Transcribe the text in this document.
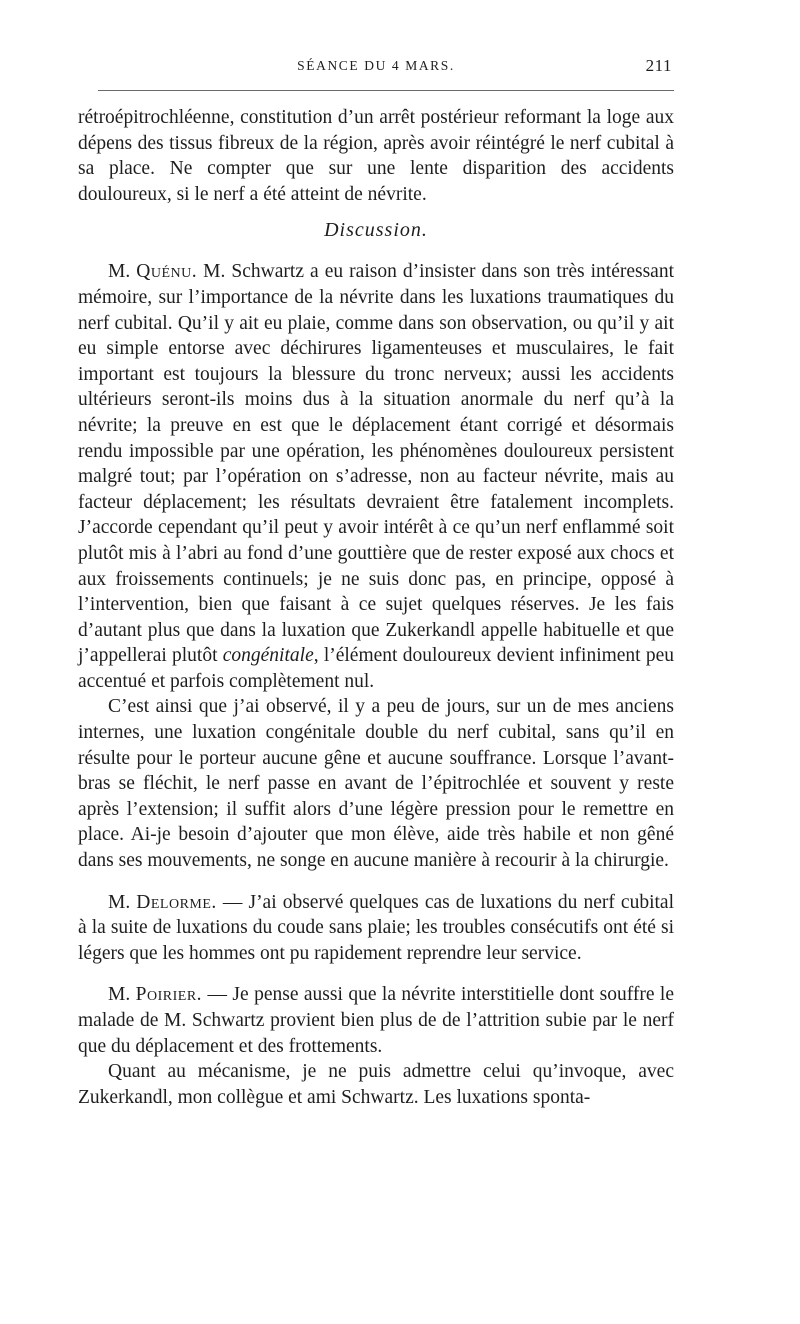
SÉANCE DU 4 MARS.	211

rétroépitrochléenne, constitution d’un arrêt postérieur reformant la loge aux dépens des tissus fibreux de la région, après avoir réintégré le nerf cubital à sa place. Ne compter que sur une lente disparition des accidents douloureux, si le nerf a été atteint de névrite.

Discussion.

M. Quénu. M. Schwartz a eu raison d’insister dans son très intéressant mémoire, sur l’importance de la névrite dans les luxations traumatiques du nerf cubital. Qu’il y ait eu plaie, comme dans son observation, ou qu’il y ait eu simple entorse avec déchirures ligamenteuses et musculaires, le fait important est toujours la blessure du tronc nerveux; aussi les accidents ultérieurs seront-ils moins dus à la situation anormale du nerf qu’à la névrite; la preuve en est que le déplacement étant corrigé et désormais rendu impossible par une opération, les phénomènes douloureux persistent malgré tout; par l’opération on s’adresse, non au facteur névrite, mais au facteur déplacement; les résultats devraient être fatalement incomplets. J’accorde cependant qu’il peut y avoir intérêt à ce qu’un nerf enflammé soit plutôt mis à l’abri au fond d’une gouttière que de rester exposé aux chocs et aux froissements continuels; je ne suis donc pas, en principe, opposé à l’intervention, bien que faisant à ce sujet quelques réserves. Je les fais d’autant plus que dans la luxation que Zukerkandl appelle habituelle et que j’appellerai plutôt congénitale, l’élément douloureux devient infiniment peu accentué et parfois complètement nul.

C’est ainsi que j’ai observé, il y a peu de jours, sur un de mes anciens internes, une luxation congénitale double du nerf cubital, sans qu’il en résulte pour le porteur aucune gêne et aucune souffrance. Lorsque l’avant-bras se fléchit, le nerf passe en avant de l’épitrochlée et souvent y reste après l’extension; il suffit alors d’une légère pression pour le remettre en place. Ai-je besoin d’ajouter que mon élève, aide très habile et non gêné dans ses mouvements, ne songe en aucune manière à recourir à la chirurgie.

M. Delorme. — J’ai observé quelques cas de luxations du nerf cubital à la suite de luxations du coude sans plaie; les troubles consécutifs ont été si légers que les hommes ont pu rapidement reprendre leur service.

M. Poirier. — Je pense aussi que la névrite interstitielle dont souffre le malade de M. Schwartz provient bien plus de de l’attrition subie par le nerf que du déplacement et des frottements.

Quant au mécanisme, je ne puis admettre celui qu’invoque, avec Zukerkandl, mon collègue et ami Schwartz. Les luxations sponta-
